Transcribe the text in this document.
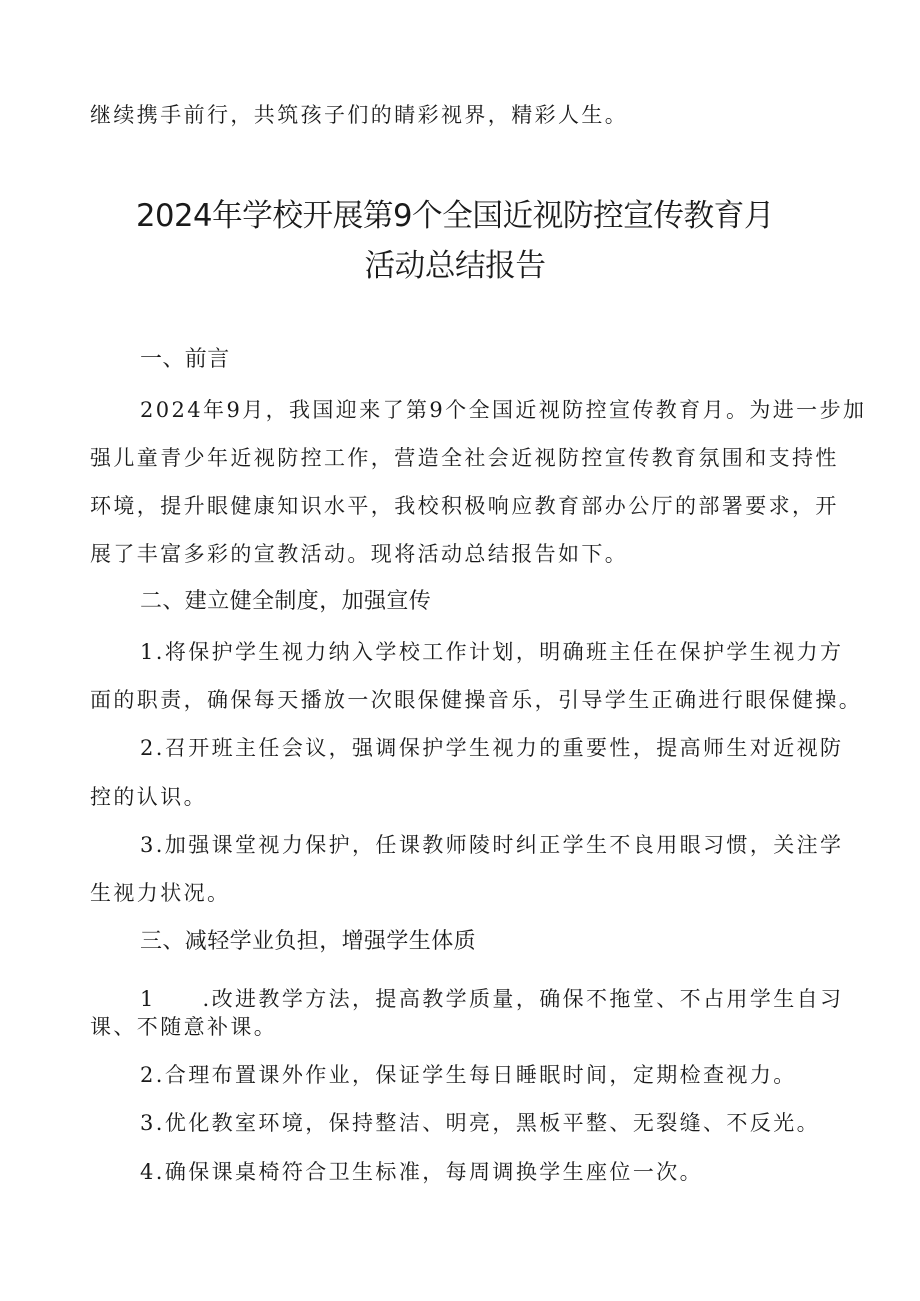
继续携手前行，共筑孩子们的睛彩视界，精彩人生。
2024年学校开展第9个全国近视防控宣传教育月
活动总结报告
一、前言
2024年9月，我国迎来了第9个全国近视防控宣传教育月。为进一步加
强儿童青少年近视防控工作，营造全社会近视防控宣传教育氛围和支持性
环境，提升眼健康知识水平，我校积极响应教育部办公厅的部署要求，开
展了丰富多彩的宣教活动。现将活动总结报告如下。
二、建立健全制度，加强宣传
1.将保护学生视力纳入学校工作计划，明确班主任在保护学生视力方
面的职责，确保每天播放一次眼保健操音乐，引导学生正确进行眼保健操。
2.召开班主任会议，强调保护学生视力的重要性，提高师生对近视防
控的认识。
3.加强课堂视力保护，任课教师陵时纠正学生不良用眼习惯，关注学
生视力状况。
三、减轻学业负担，增强学生体质
1　　.改进教学方法，提高教学质量，确保不拖堂、不占用学生自习
课、不随意补课。
2.合理布置课外作业，保证学生每日睡眠时间，定期检查视力。
3.优化教室环境，保持整洁、明亮，黑板平整、无裂缝、不反光。
4.确保课桌椅符合卫生标准，每周调换学生座位一次。
